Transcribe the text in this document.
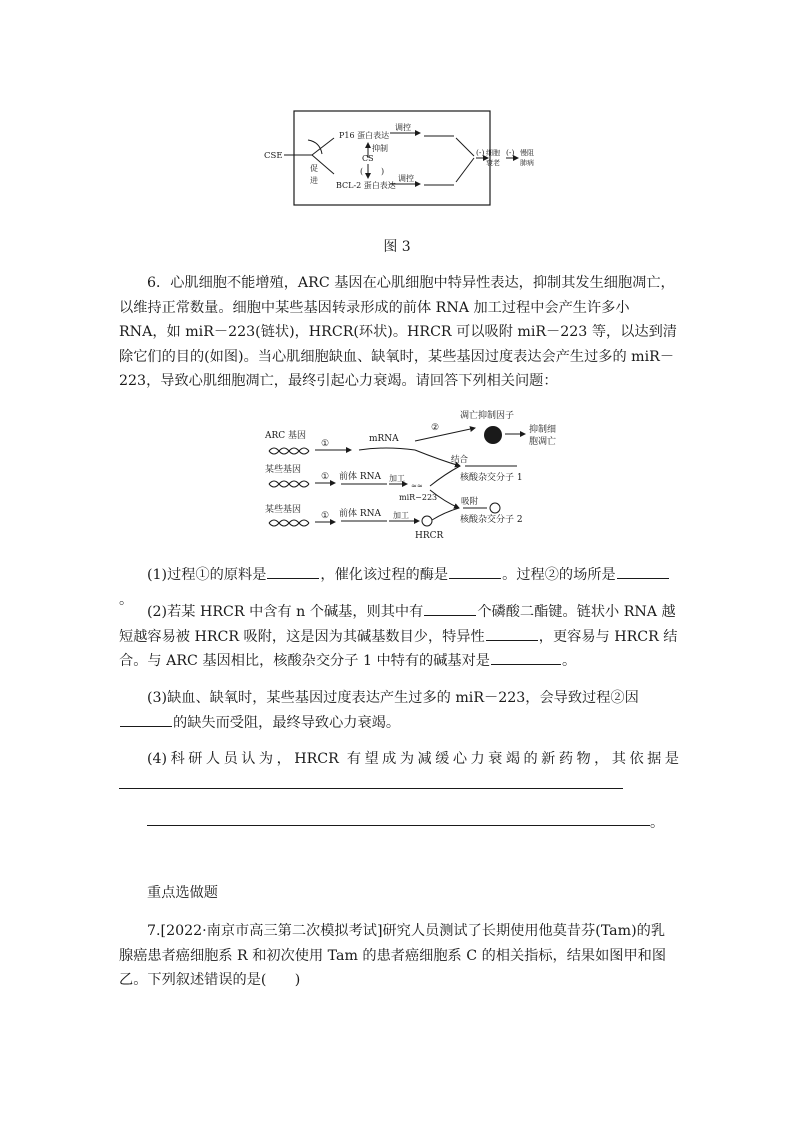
CSE
促
进
P16 蛋白表达
调控
抑制
CS
( )
BCL-2 蛋白表达
调控
(-) 细胞
衰老
(-) 慢阻
肺病
图 3

6．心肌细胞不能增殖，ARC 基因在心肌细胞中特异性表达，抑制其发生细胞凋亡，以维持正常数量。细胞中某些基因转录形成的前体 RNA 加工过程中会产生许多小 RNA，如 miR－223(链状)，HRCR(环状)。HRCR 可以吸附 miR－223 等，以达到清除它们的目的(如图)。当心肌细胞缺血、缺氧时，某些基因过度表达会产生过多的 miR－223，导致心肌细胞凋亡，最终引起心力衰竭。请回答下列相关问题：

ARC 基因
①	mRNA
②
凋亡抑制因子
抑制细
胞凋亡
结合
核酸杂交分子 1
某些基因
① 前体 RNA 加工
≈≈
miR−223	吸附
核酸杂交分子 2
某些基因
① 前体 RNA 加工
HRCR

(1)过程①的原料是	，催化该过程的酶是	。过程②的场所是。

(2)若某 HRCR 中含有 n 个碱基，则其中有	个磷酸二酯键。链状小 RNA 越短越容易被 HRCR 吸附，这是因为其碱基数目少，特异性	，更容易与 HRCR 结合。与 ARC 基因相比，核酸杂交分子 1 中特有的碱基对是	。

(3)缺血、缺氧时，某些基因过度表达产生过多的 miR－223，会导致过程②因的缺失而受阻，最终导致心力衰竭。

(4)科研人员认为，HRCR 有望成为减缓心力衰竭的新药物，其依据是

。
重点选做题

7.[2022·南京市高三第二次模拟考试]研究人员测试了长期使用他莫昔芬(Tam)的乳腺癌患者癌细胞系 R 和初次使用 Tam 的患者癌细胞系 C 的相关指标，结果如图甲和图乙。下列叙述错误的是(　　)
